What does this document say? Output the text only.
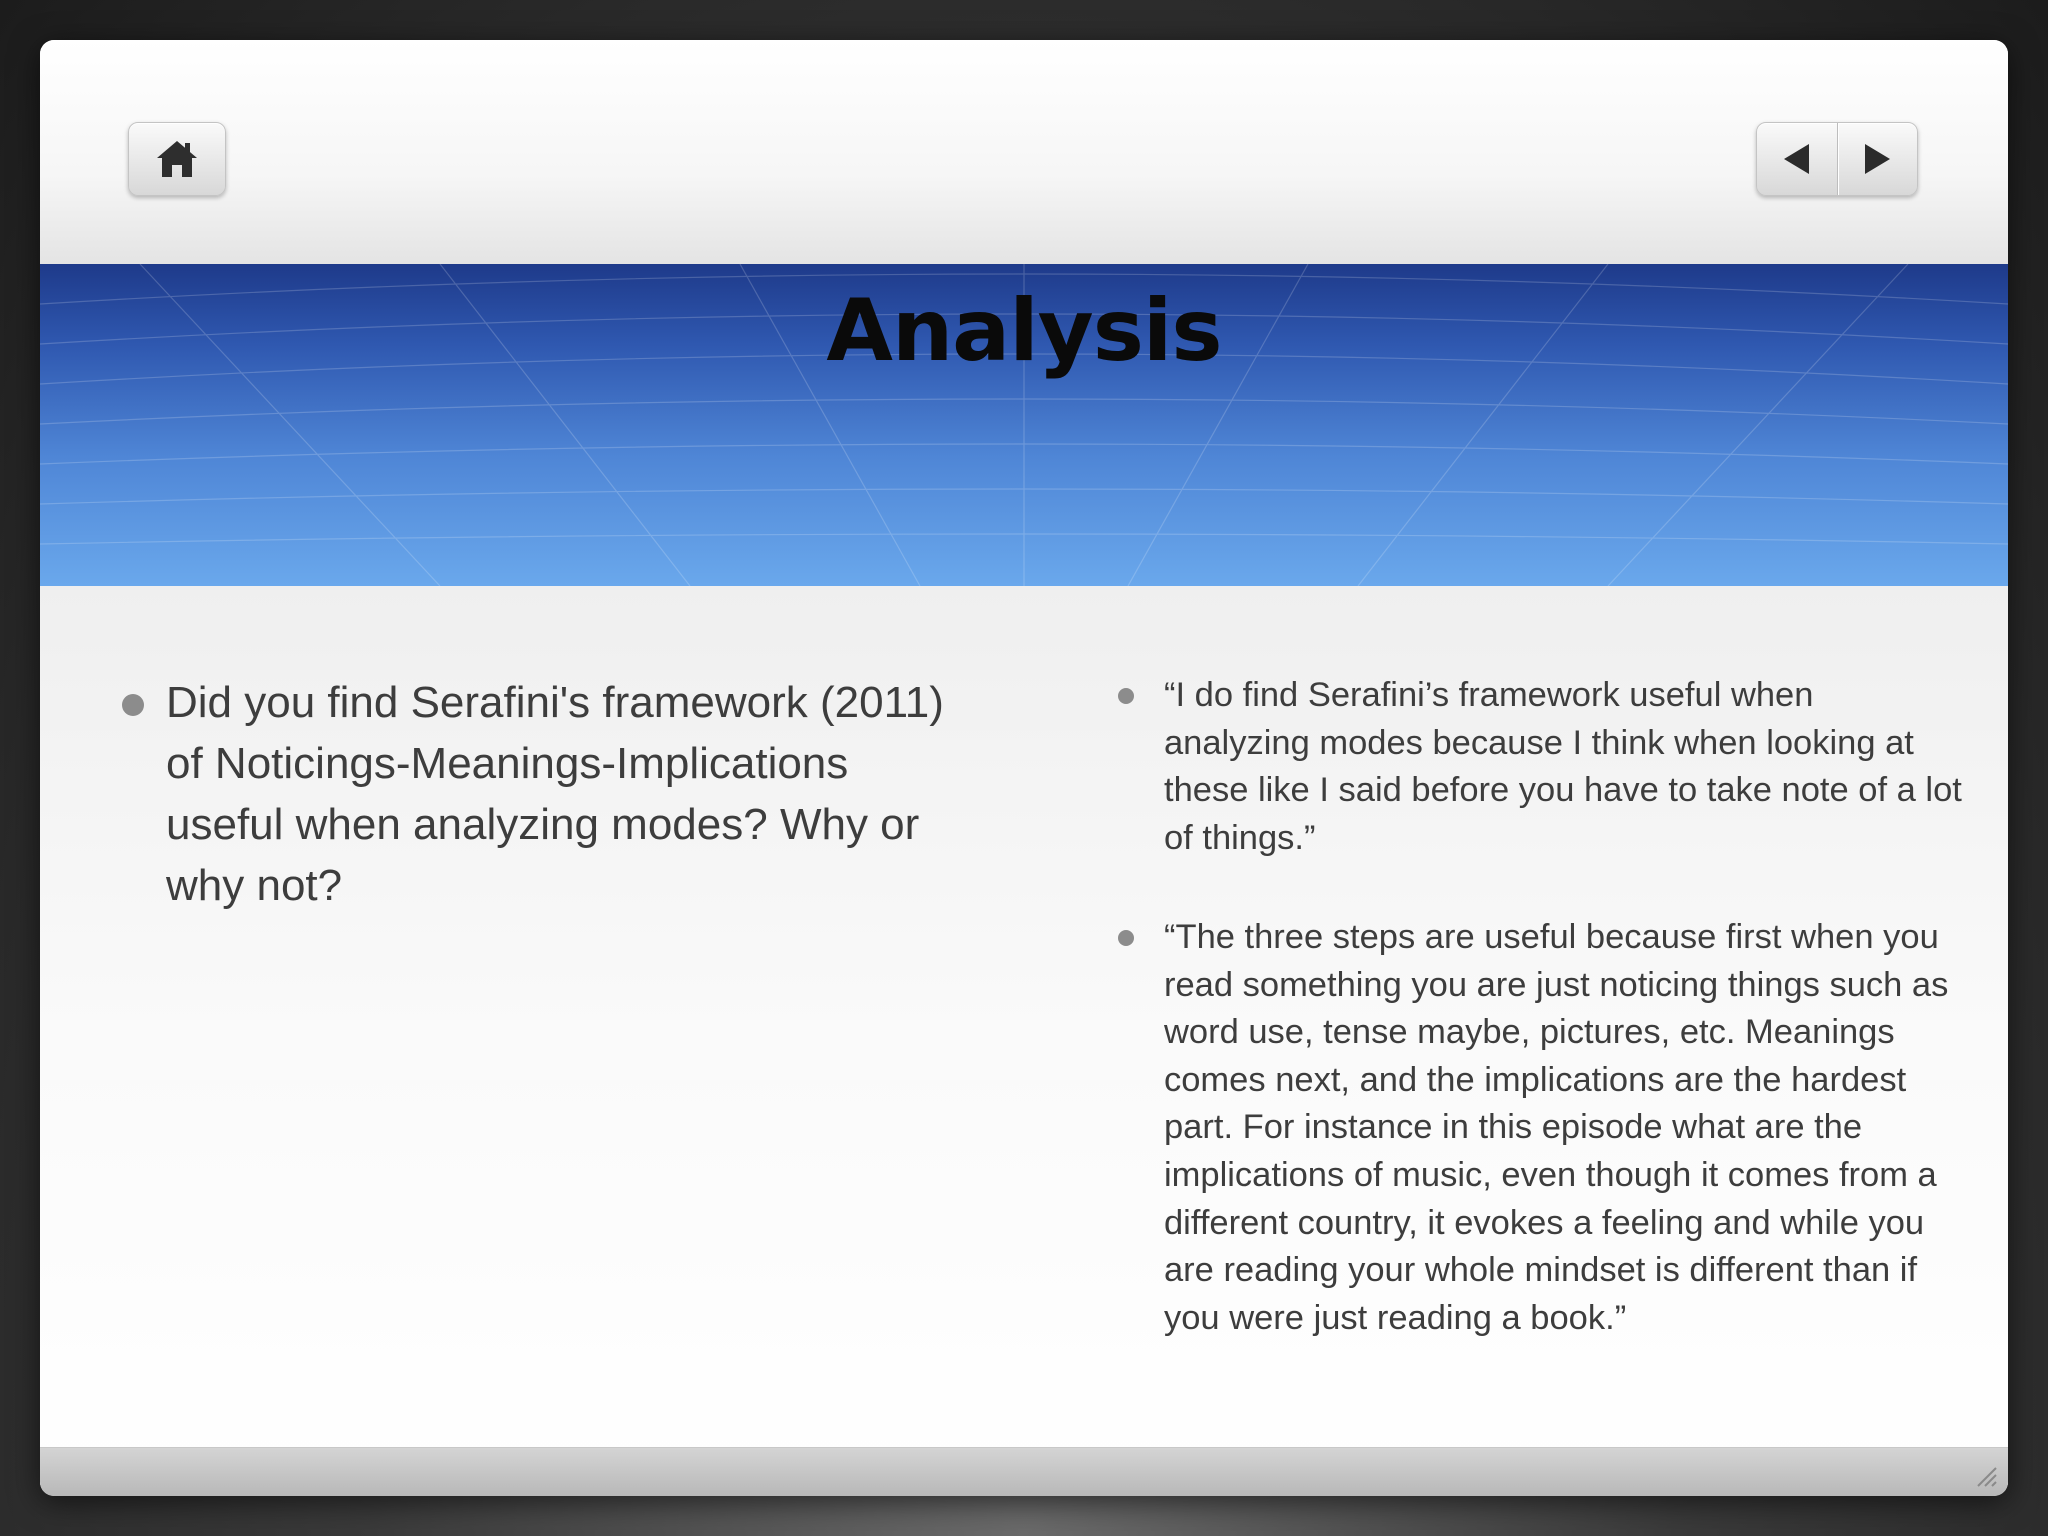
Analysis
Did you find Serafini's framework (2011) of Noticings-Meanings-Implications useful when analyzing modes? Why or why not?
“I do find Serafini’s framework useful when analyzing modes because I think when looking at these like I said before you have to take note of a lot of things.”
“The three steps are useful because first when you read something you are just noticing things such as word use, tense maybe, pictures, etc. Meanings comes next, and the implications are the hardest part. For instance in this episode what are the implications of music, even though it comes from a different country, it evokes a feeling and while you are reading your whole mindset is different than if you were just reading a book.”
